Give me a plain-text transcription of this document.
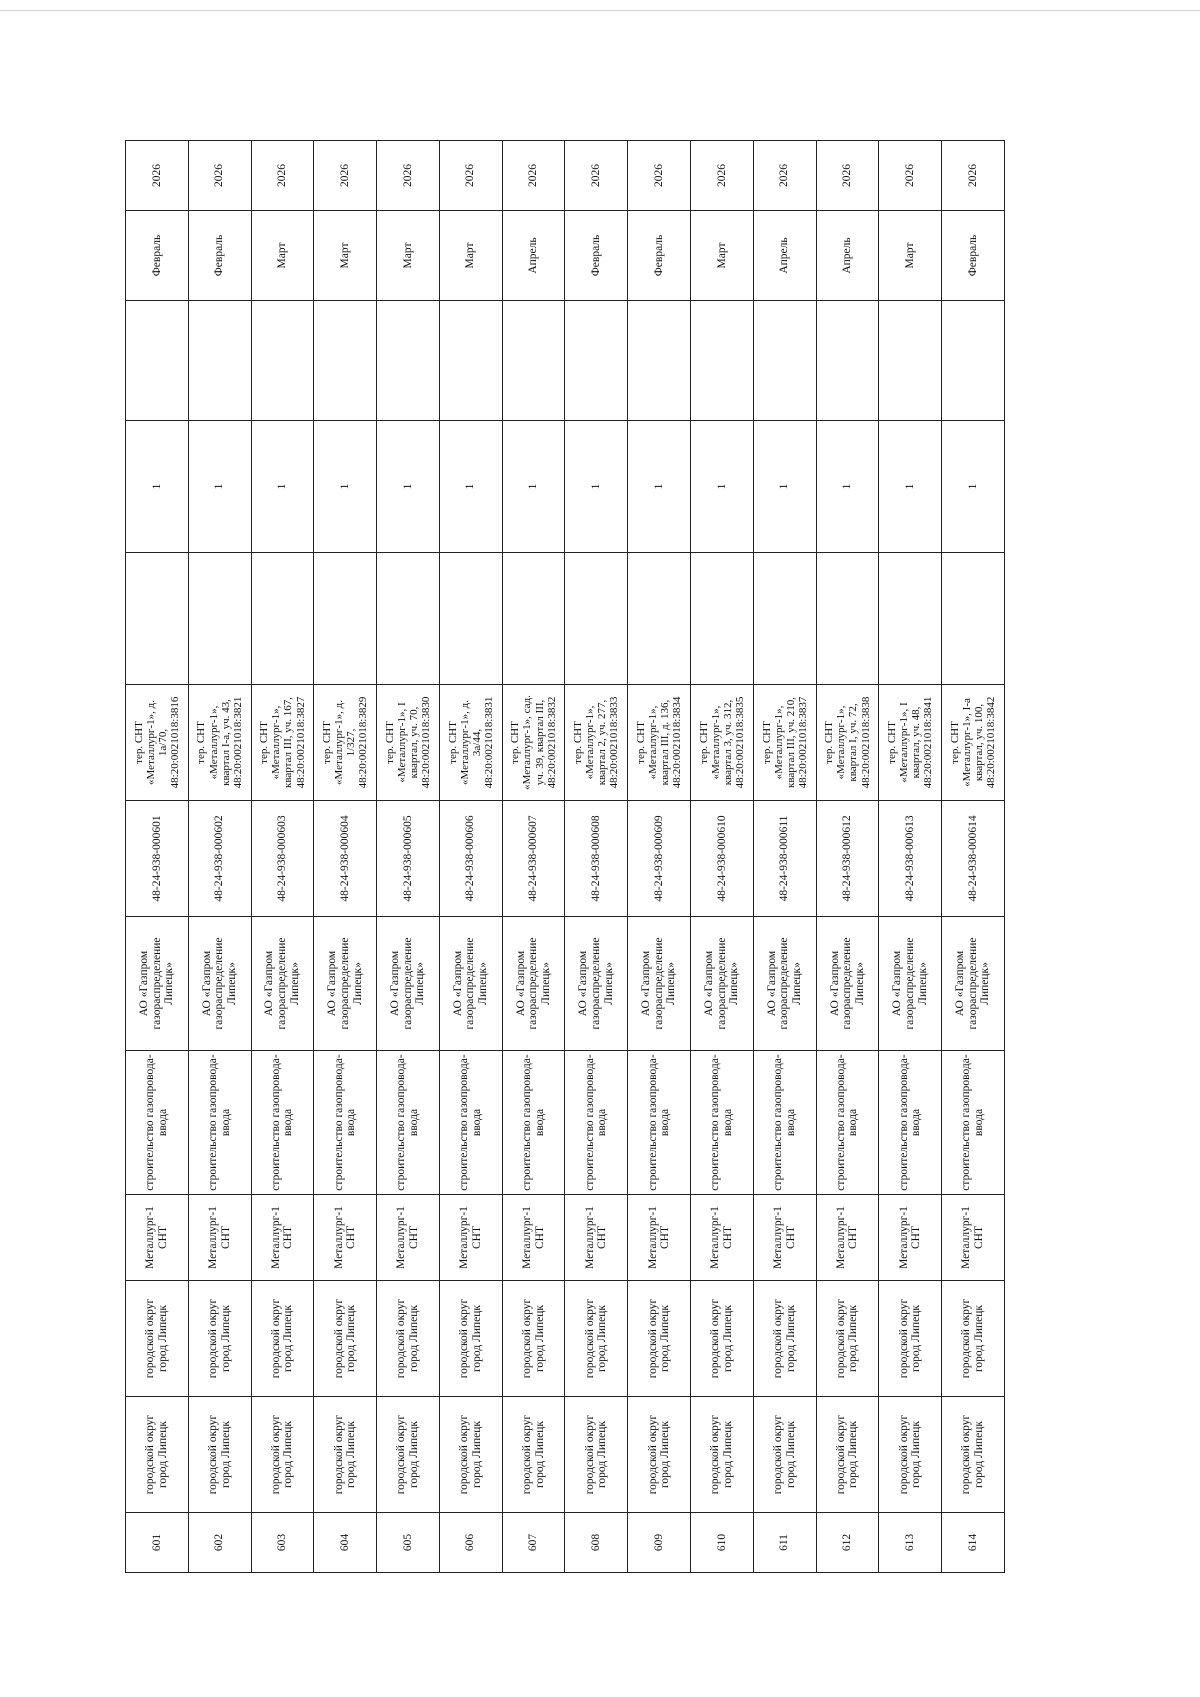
601	городской округ город Липецк	городской округ город Липецк	Металлург-1 СНТ	строительство газопровода-ввода	АО «Газпром газораспределение Липецк»	48-24-938-000601	тер. СНТ «Металлург-1», д. 1а/70, 48:20:0021018:3816		1		Февраль	2026
602	городской округ город Липецк	городской округ город Липецк	Металлург-1 СНТ	строительство газопровода-ввода	АО «Газпром газораспределение Липецк»	48-24-938-000602	тер. СНТ «Металлург-1», квартал I-а, уч. 43, 48:20:0021018:3821		1		Февраль	2026
603	городской округ город Липецк	городской округ город Липецк	Металлург-1 СНТ	строительство газопровода-ввода	АО «Газпром газораспределение Липецк»	48-24-938-000603	тер. СНТ «Металлург-1», квартал III, уч. 167, 48:20:0021018:3827		1		Март	2026
604	городской округ город Липецк	городской округ город Липецк	Металлург-1 СНТ	строительство газопровода-ввода	АО «Газпром газораспределение Липецк»	48-24-938-000604	тер. СНТ «Металлург-1», д. 1/327, 48:20:0021018:3829		1		Март	2026
605	городской округ город Липецк	городской округ город Липецк	Металлург-1 СНТ	строительство газопровода-ввода	АО «Газпром газораспределение Липецк»	48-24-938-000605	тер. СНТ «Металлург-1», I квартал, уч. 70, 48:20:0021018:3830		1		Март	2026
606	городской округ город Липецк	городской округ город Липецк	Металлург-1 СНТ	строительство газопровода-ввода	АО «Газпром газораспределение Липецк»	48-24-938-000606	тер. СНТ «Металлург-1», д. 3а/44, 48:20:0021018:3831		1		Март	2026
607	городской округ город Липецк	городской округ город Липецк	Металлург-1 СНТ	строительство газопровода-ввода	АО «Газпром газораспределение Липецк»	48-24-938-000607	тер. СНТ «Металлург-1», сад. уч. 39, квартал III, 48:20:0021018:3832		1		Апрель	2026
608	городской округ город Липецк	городской округ город Липецк	Металлург-1 СНТ	строительство газопровода-ввода	АО «Газпром газораспределение Липецк»	48-24-938-000608	тер. СНТ «Металлург-1», квартал 2, уч. 277, 48:20:0021018:3833		1		Февраль	2026
609	городской округ город Липецк	городской округ город Липецк	Металлург-1 СНТ	строительство газопровода-ввода	АО «Газпром газораспределение Липецк»	48-24-938-000609	тер. СНТ «Металлург-1», квартал III, д. 136, 48:20:0021018:3834		1		Февраль	2026
610	городской округ город Липецк	городской округ город Липецк	Металлург-1 СНТ	строительство газопровода-ввода	АО «Газпром газораспределение Липецк»	48-24-938-000610	тер. СНТ «Металлург-1», квартал 3, уч. 312, 48:20:0021018:3835		1		Март	2026
611	городской округ город Липецк	городской округ город Липецк	Металлург-1 СНТ	строительство газопровода-ввода	АО «Газпром газораспределение Липецк»	48-24-938-000611	тер. СНТ «Металлург-1», квартал III, уч. 210, 48:20:0021018:3837		1		Апрель	2026
612	городской округ город Липецк	городской округ город Липецк	Металлург-1 СНТ	строительство газопровода-ввода	АО «Газпром газораспределение Липецк»	48-24-938-000612	тер. СНТ «Металлург-1», квартал I, уч. 72, 48:20:0021018:3838		1		Апрель	2026
613	городской округ город Липецк	городской округ город Липецк	Металлург-1 СНТ	строительство газопровода-ввода	АО «Газпром газораспределение Липецк»	48-24-938-000613	тер. СНТ «Металлург-1», I квартал, уч. 48, 48:20:0021018:3841		1		Март	2026
614	городской округ город Липецк	городской округ город Липецк	Металлург-1 СНТ	строительство газопровода-ввода	АО «Газпром газораспределение Липецк»	48-24-938-000614	тер. СНТ «Металлург-1», I-а квартал, уч. 100, 48:20:0021018:3842		1		Февраль	2026
